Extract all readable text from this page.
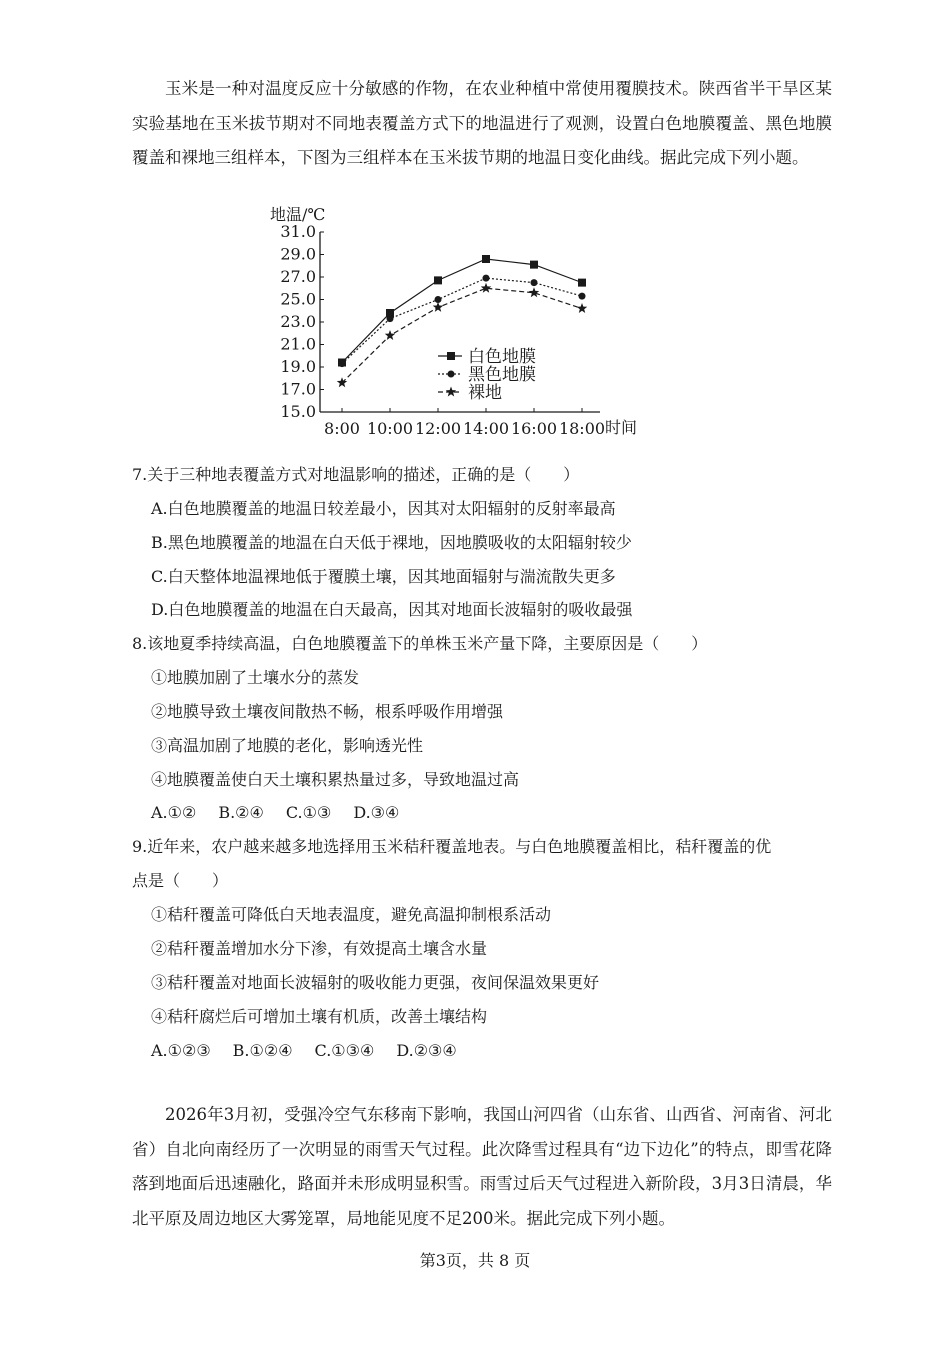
玉米是一种对温度反应十分敏感的作物，在农业种植中常使用覆膜技术。陕西省半干旱区某实验基地在玉米拔节期对不同地表覆盖方式下的地温进行了观测，设置白色地膜覆盖、黑色地膜覆盖和裸地三组样本，下图为三组样本在玉米拔节期的地温日变化曲线。据此完成下列小题。

地温/℃
时间
31.0
29.0
27.0
25.0
23.0
21.0
19.0
17.0
15.0
8:00 10:00 12:00 14:00 16:00 18:00
白色地膜
黑色地膜
裸地

7.关于三种地表覆盖方式对地温影响的描述，正确的是（　　）

A.白色地膜覆盖的地温日较差最小，因其对太阳辐射的反射率最高

B.黑色地膜覆盖的地温在白天低于裸地，因地膜吸收的太阳辐射较少

C.白天整体地温裸地低于覆膜土壤，因其地面辐射与湍流散失更多

D.白色地膜覆盖的地温在白天最高，因其对地面长波辐射的吸收最强

8.该地夏季持续高温，白色地膜覆盖下的单株玉米产量下降，主要原因是（　　）

①地膜加剧了土壤水分的蒸发

②地膜导致土壤夜间散热不畅，根系呼吸作用增强

③高温加剧了地膜的老化，影响透光性

④地膜覆盖使白天土壤积累热量过多，导致地温过高

A.①② B.②④ C.①③ D.③④

9.近年来，农户越来越多地选择用玉米秸秆覆盖地表。与白色地膜覆盖相比，秸秆覆盖的优

点是（　　）

①秸秆覆盖可降低白天地表温度，避免高温抑制根系活动

②秸秆覆盖增加水分下渗，有效提高土壤含水量

③秸秆覆盖对地面长波辐射的吸收能力更强，夜间保温效果更好

④秸秆腐烂后可增加土壤有机质，改善土壤结构

A.①②③ B.①②④ C.①③④ D.②③④

2026年3月初，受强冷空气东移南下影响，我国山河四省（山东省、山西省、河南省、河北省）自北向南经历了一次明显的雨雪天气过程。此次降雪过程具有“边下边化”的特点，即雪花降落到地面后迅速融化，路面并未形成明显积雪。雨雪过后天气过程进入新阶段，3月3日清晨，华北平原及周边地区大雾笼罩，局地能见度不足200米。据此完成下列小题。

第3页，共 8 页
